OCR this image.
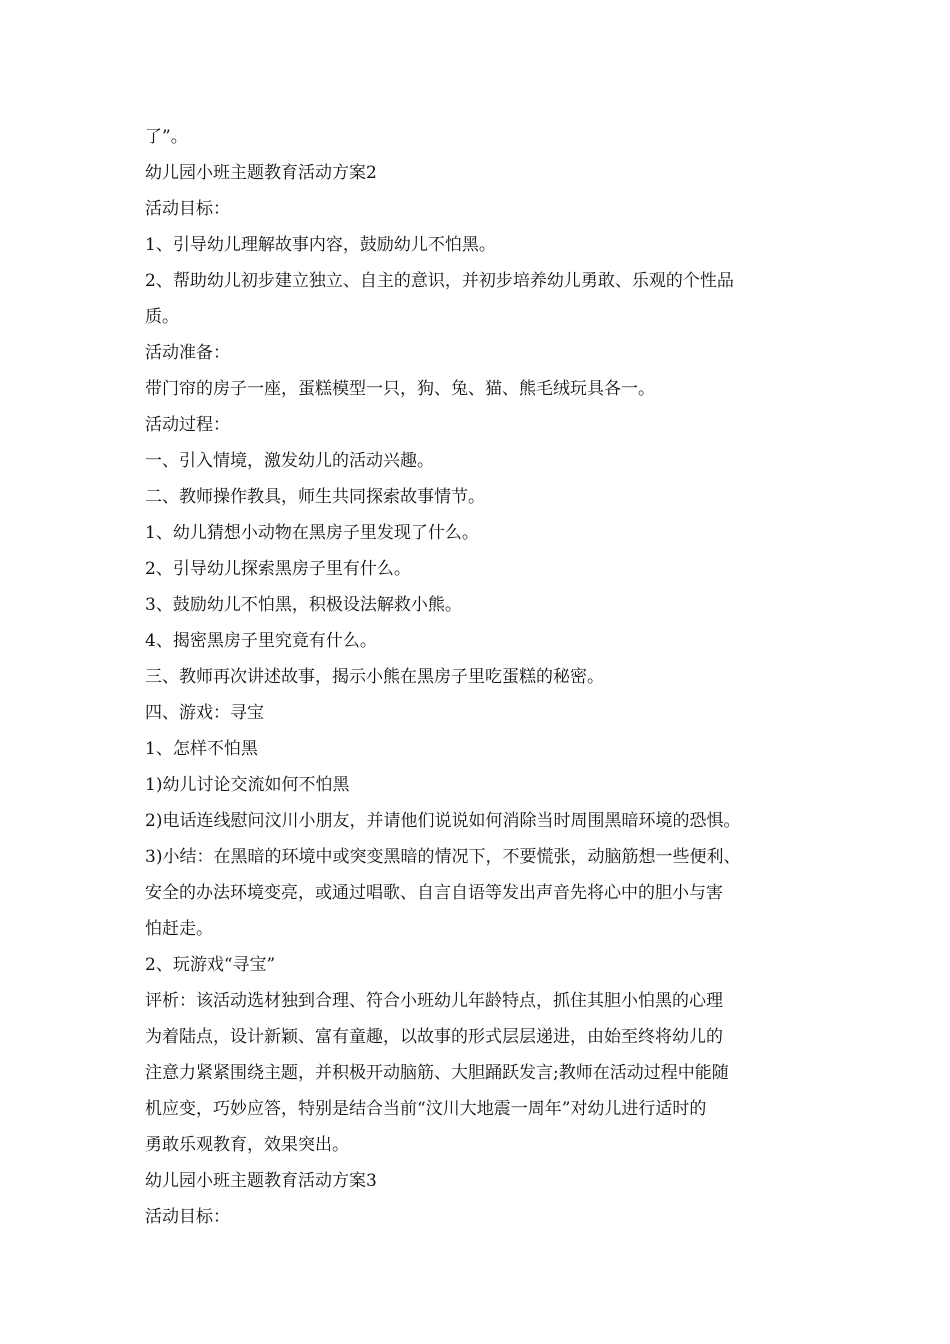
了”。
幼儿园小班主题教育活动方案2
活动目标：
1、引导幼儿理解故事内容，鼓励幼儿不怕黑。
2、帮助幼儿初步建立独立、自主的意识，并初步培养幼儿勇敢、乐观的个性品
质。
活动准备：
带门帘的房子一座，蛋糕模型一只，狗、兔、猫、熊毛绒玩具各一。
活动过程：
一、引入情境，激发幼儿的活动兴趣。
二、教师操作教具，师生共同探索故事情节。
1、幼儿猜想小动物在黑房子里发现了什么。
2、引导幼儿探索黑房子里有什么。
3、鼓励幼儿不怕黑，积极设法解救小熊。
4、揭密黑房子里究竟有什么。
三、教师再次讲述故事，揭示小熊在黑房子里吃蛋糕的秘密。
四、游戏：寻宝
1、怎样不怕黑
1)幼儿讨论交流如何不怕黑
2)电话连线慰问汶川小朋友，并请他们说说如何消除当时周围黑暗环境的恐惧。
3)小结：在黑暗的环境中或突变黑暗的情况下，不要慌张，动脑筋想一些便利、
安全的办法环境变亮，或通过唱歌、自言自语等发出声音先将心中的胆小与害
怕赶走。
2、玩游戏“寻宝”
评析：该活动选材独到合理、符合小班幼儿年龄特点，抓住其胆小怕黑的心理
为着陆点，设计新颖、富有童趣，以故事的形式层层递进，由始至终将幼儿的
注意力紧紧围绕主题，并积极开动脑筋、大胆踊跃发言;教师在活动过程中能随
机应变，巧妙应答，特别是结合当前“汶川大地震一周年”对幼儿进行适时的
勇敢乐观教育，效果突出。
幼儿园小班主题教育活动方案3
活动目标：
